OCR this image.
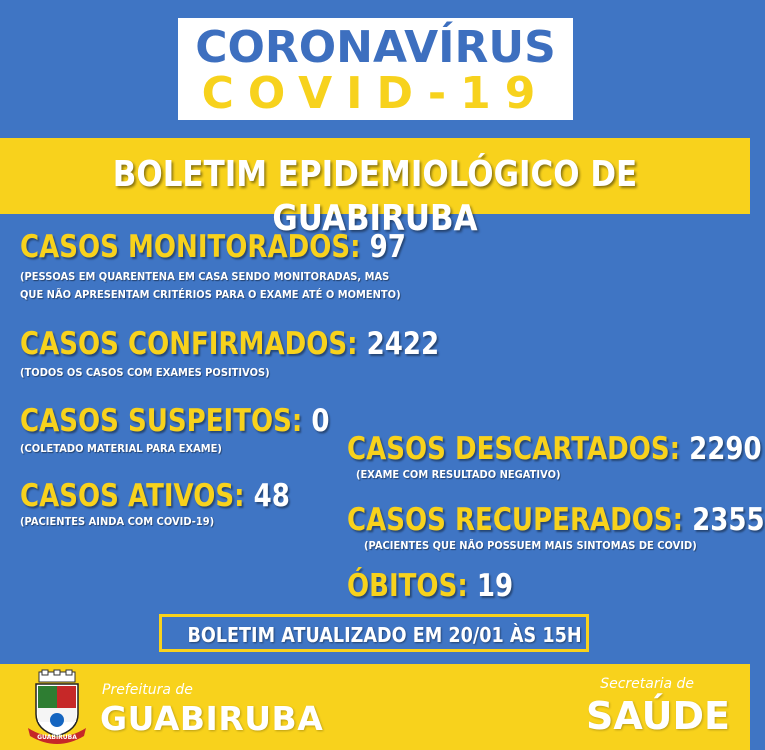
CORONAVÍRUS
COVID-19
BOLETIM EPIDEMIOLÓGICO DE GUABIRUBA
CASOS MONITORADOS: 97
(PESSOAS EM QUARENTENA EM CASA SENDO MONITORADAS, MAS
QUE NÃO APRESENTAM CRITÉRIOS PARA O EXAME ATÉ O MOMENTO)
CASOS CONFIRMADOS: 2422
(TODOS OS CASOS COM EXAMES POSITIVOS)
CASOS SUSPEITOS: 0
(COLETADO MATERIAL PARA EXAME)
CASOS ATIVOS: 48
(PACIENTES AINDA COM COVID-19)
CASOS DESCARTADOS: 2290
(EXAME COM RESULTADO NEGATIVO)
CASOS RECUPERADOS: 2355
(PACIENTES QUE NÃO POSSUEM MAIS SINTOMAS DE COVID)
ÓBITOS: 19
BOLETIM ATUALIZADO EM 20/01 ÀS 15H
GUABIRUBA
Prefeitura de
GUABIRUBA
Secretaria de
SAÚDE
